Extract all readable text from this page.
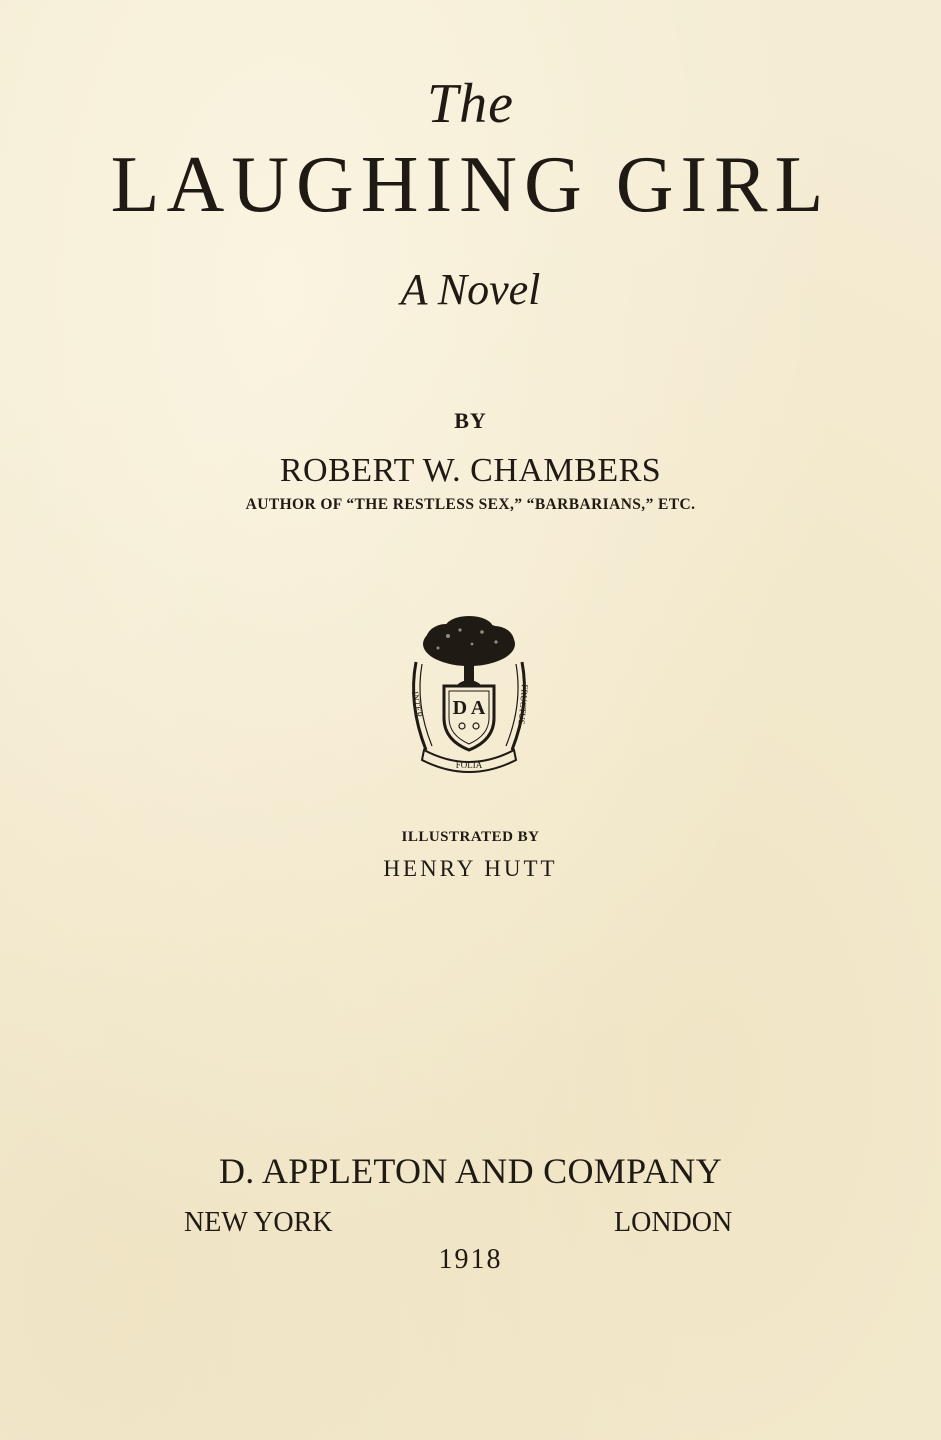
The
LAUGHING GIRL
A Novel
BY
ROBERT W. CHAMBERS
AUTHOR OF “THE RESTLESS SEX,” “BARBARIANS,” ETC.
D A
INTER
FOLIA
FRUCTUS
ILLUSTRATED BY
HENRY HUTT
D. APPLETON AND COMPANY
NEW YORK	LONDON
1918
